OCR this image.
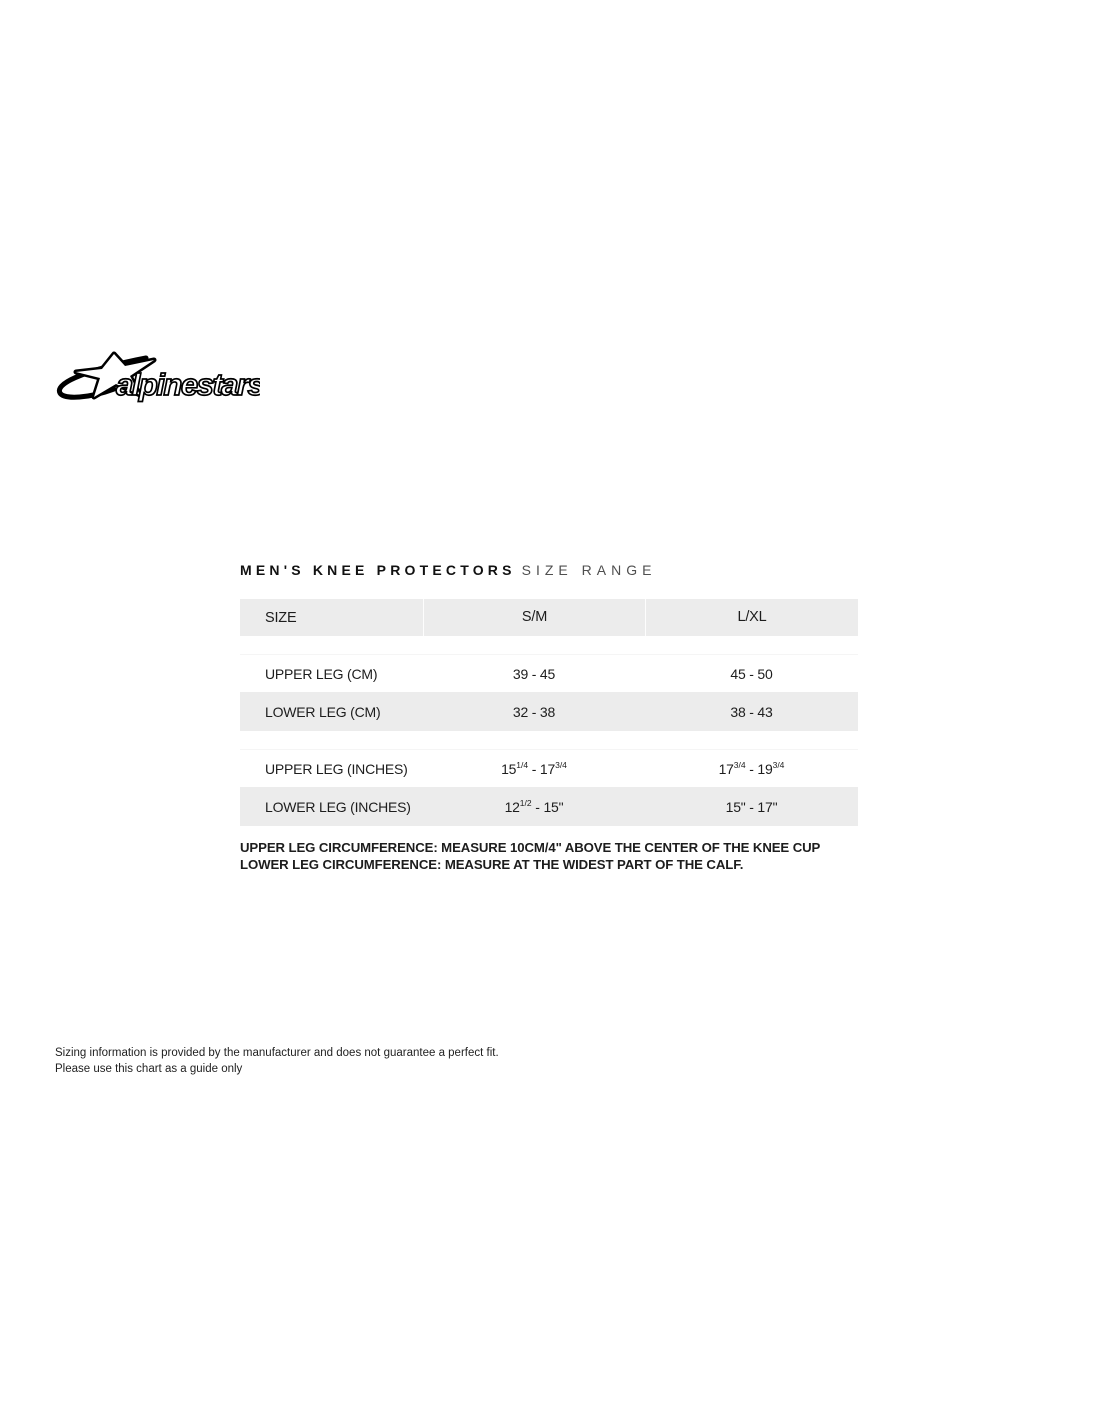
alpinestars
MEN'S KNEE PROTECTORS SIZE RANGE
SIZE	S/M	L/XL
UPPER LEG (CM)	39 - 45	45 - 50
LOWER LEG (CM)	32 - 38	38 - 43
UPPER LEG (INCHES)	$15^{1/4} - 17^{3/4}$	$17^{3/4} - 19^{3/4}$
LOWER LEG (INCHES)	$12^{1/2} - 15$"	15" - 17"

UPPER LEG CIRCUMFERENCE: MEASURE 10CM/4" ABOVE THE CENTER OF THE KNEE CUP LOWER LEG CIRCUMFERENCE: MEASURE AT THE WIDEST PART OF THE CALF.

Sizing information is provided by the manufacturer and does not guarantee a perfect fit.
Please use this chart as a guide only
